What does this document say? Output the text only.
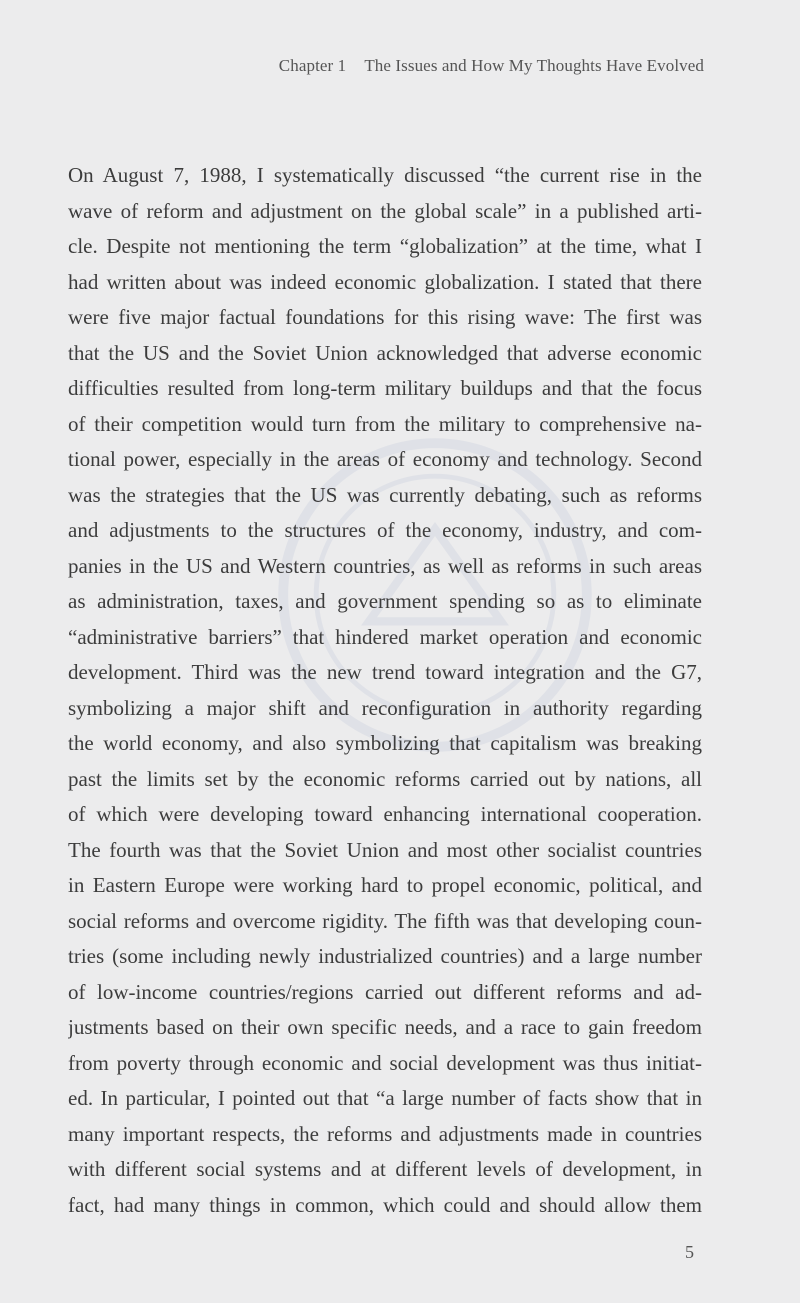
Chapter 1 The Issues and How My Thoughts Have Evolved
On August 7, 1988, I systematically discussed “the current rise in the
wave of reform and adjustment on the global scale” in a published arti-
cle. Despite not mentioning the term “globalization” at the time, what I
had written about was indeed economic globalization. I stated that there
were five major factual foundations for this rising wave: The first was
that the US and the Soviet Union acknowledged that adverse economic
difficulties resulted from long-term military buildups and that the focus
of their competition would turn from the military to comprehensive na-
tional power, especially in the areas of economy and technology. Second
was the strategies that the US was currently debating, such as reforms
and adjustments to the structures of the economy, industry, and com-
panies in the US and Western countries, as well as reforms in such areas
as administration, taxes, and government spending so as to eliminate
“administrative barriers” that hindered market operation and economic
development. Third was the new trend toward integration and the G7,
symbolizing a major shift and reconfiguration in authority regarding
the world economy, and also symbolizing that capitalism was breaking
past the limits set by the economic reforms carried out by nations, all
of which were developing toward enhancing international cooperation.
The fourth was that the Soviet Union and most other socialist countries
in Eastern Europe were working hard to propel economic, political, and
social reforms and overcome rigidity. The fifth was that developing coun-
tries (some including newly industrialized countries) and a large number
of low-income countries/regions carried out different reforms and ad-
justments based on their own specific needs, and a race to gain freedom
from poverty through economic and social development was thus initiat-
ed. In particular, I pointed out that “a large number of facts show that in
many important respects, the reforms and adjustments made in countries
with different social systems and at different levels of development, in
fact, had many things in common, which could and should allow them
5
